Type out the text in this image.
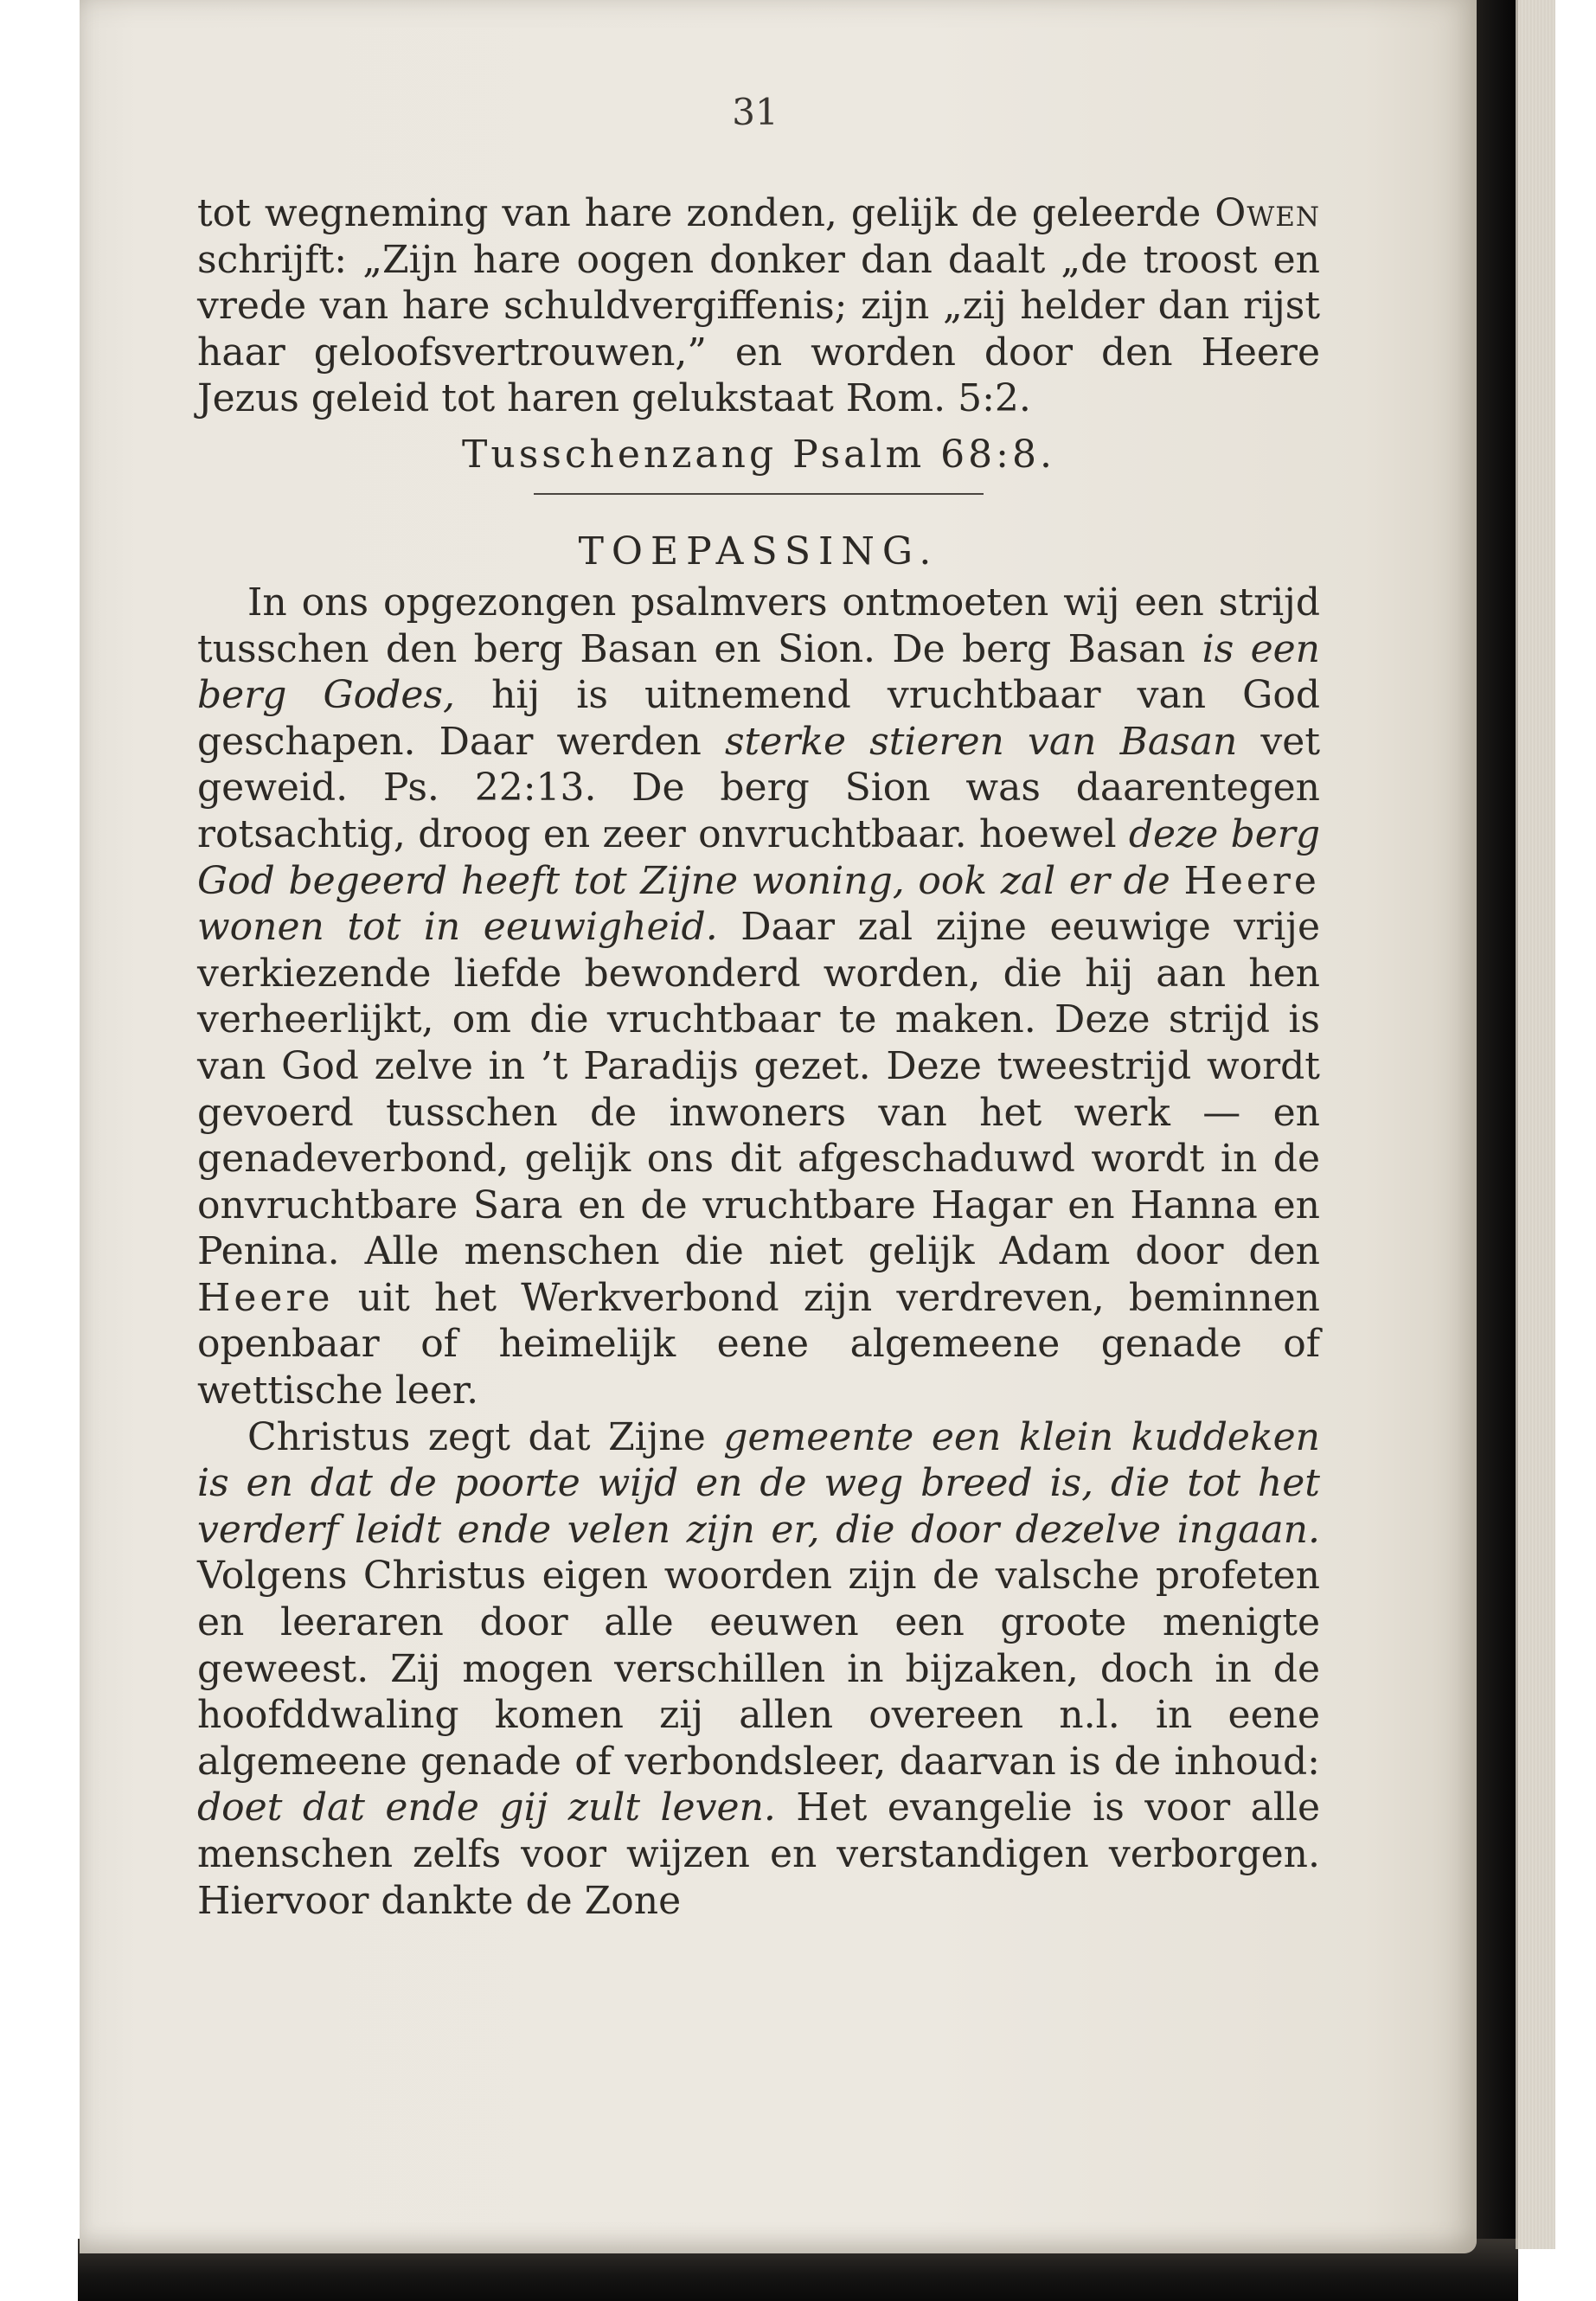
31

tot wegneming van hare zonden, gelijk de geleerde Owen schrijft: „Zijn hare oogen donker dan daalt „de troost en vrede van hare schuldvergiffenis; zijn „zij helder dan rijst haar geloofsvertrouwen,” en worden door den Heere Jezus geleid tot haren gelukstaat Rom. 5:2.

Tusschenzang Psalm 68:8.

TOEPASSING.

In ons opgezongen psalmvers ontmoeten wij een strijd tusschen den berg Basan en Sion. De berg Basan is een berg Godes, hij is uitnemend vruchtbaar van God geschapen. Daar werden sterke stieren van Basan vet geweid. Ps. 22:13. De berg Sion was daarentegen rotsachtig, droog en zeer onvruchtbaar. hoewel deze berg God begeerd heeft tot Zijne woning, ook zal er de Heere wonen tot in eeuwigheid. Daar zal zijne eeuwige vrije verkiezende liefde bewonderd worden, die hij aan hen verheerlijkt, om die vruchtbaar te maken. Deze strijd is van God zelve in ’t Paradijs gezet. Deze tweestrijd wordt gevoerd tusschen de inwoners van het werk — en genadeverbond, gelijk ons dit afgeschaduwd wordt in de onvruchtbare Sara en de vruchtbare Hagar en Hanna en Penina. Alle menschen die niet gelijk Adam door den Heere uit het Werkverbond zijn verdreven, beminnen openbaar of heimelijk eene algemeene genade of wettische leer.

Christus zegt dat Zijne gemeente een klein kuddeken is en dat de poorte wijd en de weg breed is, die tot het verderf leidt ende velen zijn er, die door dezelve ingaan. Volgens Christus eigen woorden zijn de valsche profeten en leeraren door alle eeuwen een groote menigte geweest. Zij mogen verschillen in bijzaken, doch in de hoofddwaling komen zij allen overeen n.l. in eene algemeene genade of verbondsleer, daarvan is de inhoud: doet dat ende gij zult leven. Het evangelie is voor alle menschen zelfs voor wijzen en verstandigen verborgen. Hiervoor dankte de Zone
